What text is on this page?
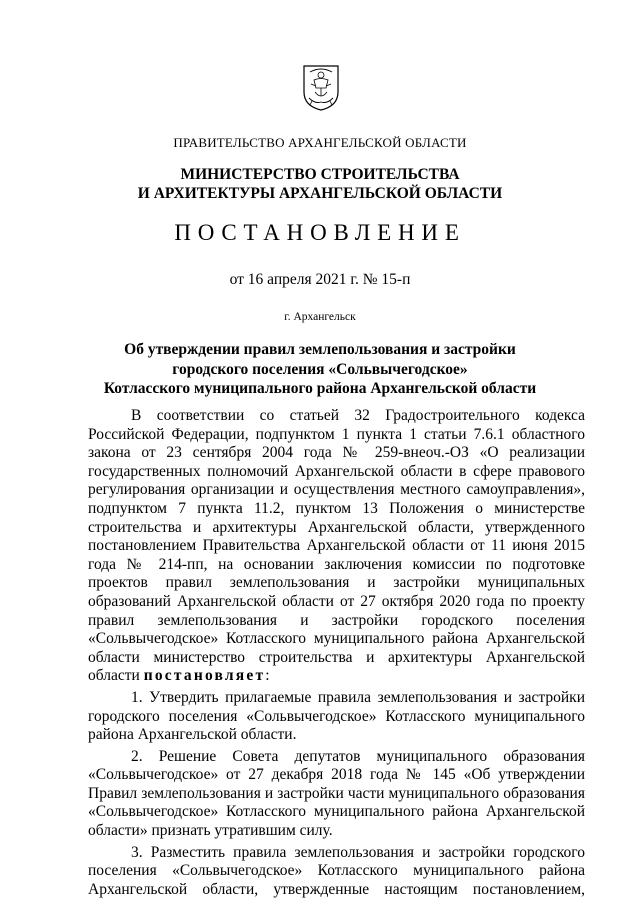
ПРАВИТЕЛЬСТВО АРХАНГЕЛЬСКОЙ ОБЛАСТИ
МИНИСТЕРСТВО СТРОИТЕЛЬСТВА
И АРХИТЕКТУРЫ АРХАНГЕЛЬСКОЙ ОБЛАСТИ
ПОСТАНОВЛЕНИЕ
от 16 апреля 2021 г. № 15-п
г. Архангельск
Об утверждении правил землепользования и застройки
городского поселения «Сольвычегодское»
Котласского муниципального района Архангельской области

В соответствии со статьей 32 Градостроительного кодекса Российской Федерации, подпунктом 1 пункта 1 статьи 7.6.1 областного закона от 23 сентября 2004 года № 259-внеоч.-ОЗ «О реализации государственных полномочий Архангельской области в сфере правового регулирования организации и осуществления местного самоуправления», подпунктом 7 пункта 11.2, пунктом 13 Положения о министерстве строительства и архитектуры Архангельской области, утвержденного постановлением Правительства Архангельской области от 11 июня 2015 года № 214-пп, на основании заключения комиссии по подготовке проектов правил землепользования и застройки муниципальных образований Архангельской области от 27 октября 2020 года по проекту правил землепользования и застройки городского поселения «Сольвычегодское» Котласского муниципального района Архангельской области министерство строительства и архитектуры Архангельской области постановляет:

1. Утвердить прилагаемые правила землепользования и застройки городского поселения «Сольвычегодское» Котласского муниципального района Архангельской области.

2. Решение Совета депутатов муниципального образования «Сольвычегодское» от 27 декабря 2018 года № 145 «Об утверждении Правил землепользования и застройки части муниципального образования «Сольвычегодское» Котласского муниципального района Архангельской области» признать утратившим силу.

3. Разместить правила землепользования и застройки городского поселения «Сольвычегодское» Котласского муниципального района Архангельской области, утвержденные настоящим постановлением,
